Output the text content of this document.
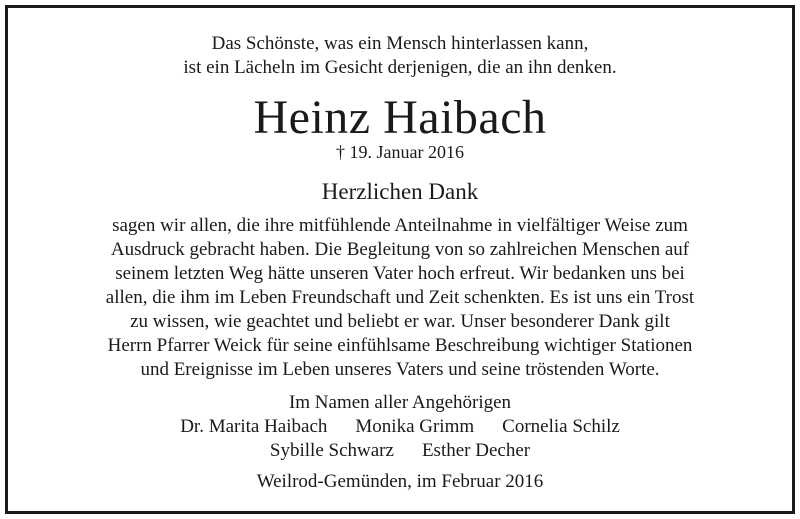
Das Schönste, was ein Mensch hinterlassen kann,
ist ein Lächeln im Gesicht derjenigen, die an ihn denken.
Heinz Haibach
† 19. Januar 2016
Herzlichen Dank
sagen wir allen, die ihre mitfühlende Anteilnahme in vielfältiger Weise zum
Ausdruck gebracht haben. Die Begleitung von so zahlreichen Menschen auf
seinem letzten Weg hätte unseren Vater hoch erfreut. Wir bedanken uns bei
allen, die ihm im Leben Freundschaft und Zeit schenkten. Es ist uns ein Trost
zu wissen, wie geachtet und beliebt er war. Unser besonderer Dank gilt
Herrn Pfarrer Weick für seine einfühlsame Beschreibung wichtiger Stationen
und Ereignisse im Leben unseres Vaters und seine tröstenden Worte.
Im Namen aller Angehörigen
Dr. Marita Haibach Monika Grimm Cornelia Schilz
Sybille Schwarz Esther Decher
Weilrod-Gemünden, im Februar 2016
